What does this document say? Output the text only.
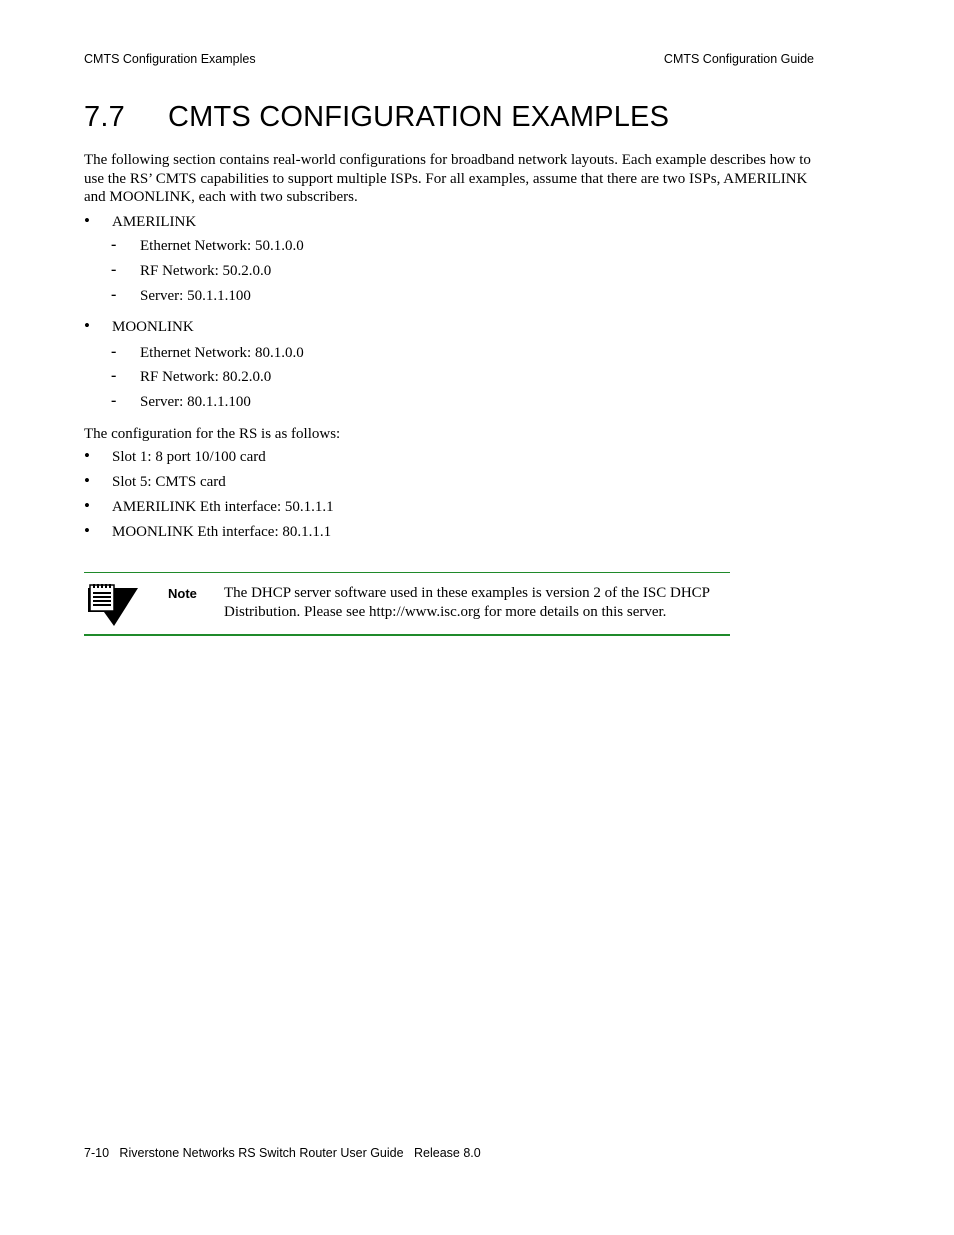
CMTS Configuration Examples	CMTS Configuration Guide
7.7 CMTS CONFIGURATION EXAMPLES
The following section contains real-world configurations for broadband network layouts. Each example describes how to use the RS’ CMTS capabilities to support multiple ISPs. For all examples, assume that there are two ISPs, AMERILINK and MOONLINK, each with two subscribers.
• AMERILINK
- Ethernet Network: 50.1.0.0
- RF Network: 50.2.0.0
- Server: 50.1.1.100
• MOONLINK
- Ethernet Network: 80.1.0.0
- RF Network: 80.2.0.0
- Server: 80.1.1.100
The configuration for the RS is as follows:
• Slot 1: 8 port 10/100 card
• Slot 5: CMTS card
• AMERILINK Eth interface: 50.1.1.1
• MOONLINK Eth interface: 80.1.1.1
Note The DHCP server software used in these examples is version 2 of the ISC DHCP Distribution. Please see http://www.isc.org for more details on this server.
7-10   Riverstone Networks RS Switch Router User Guide   Release 8.0
